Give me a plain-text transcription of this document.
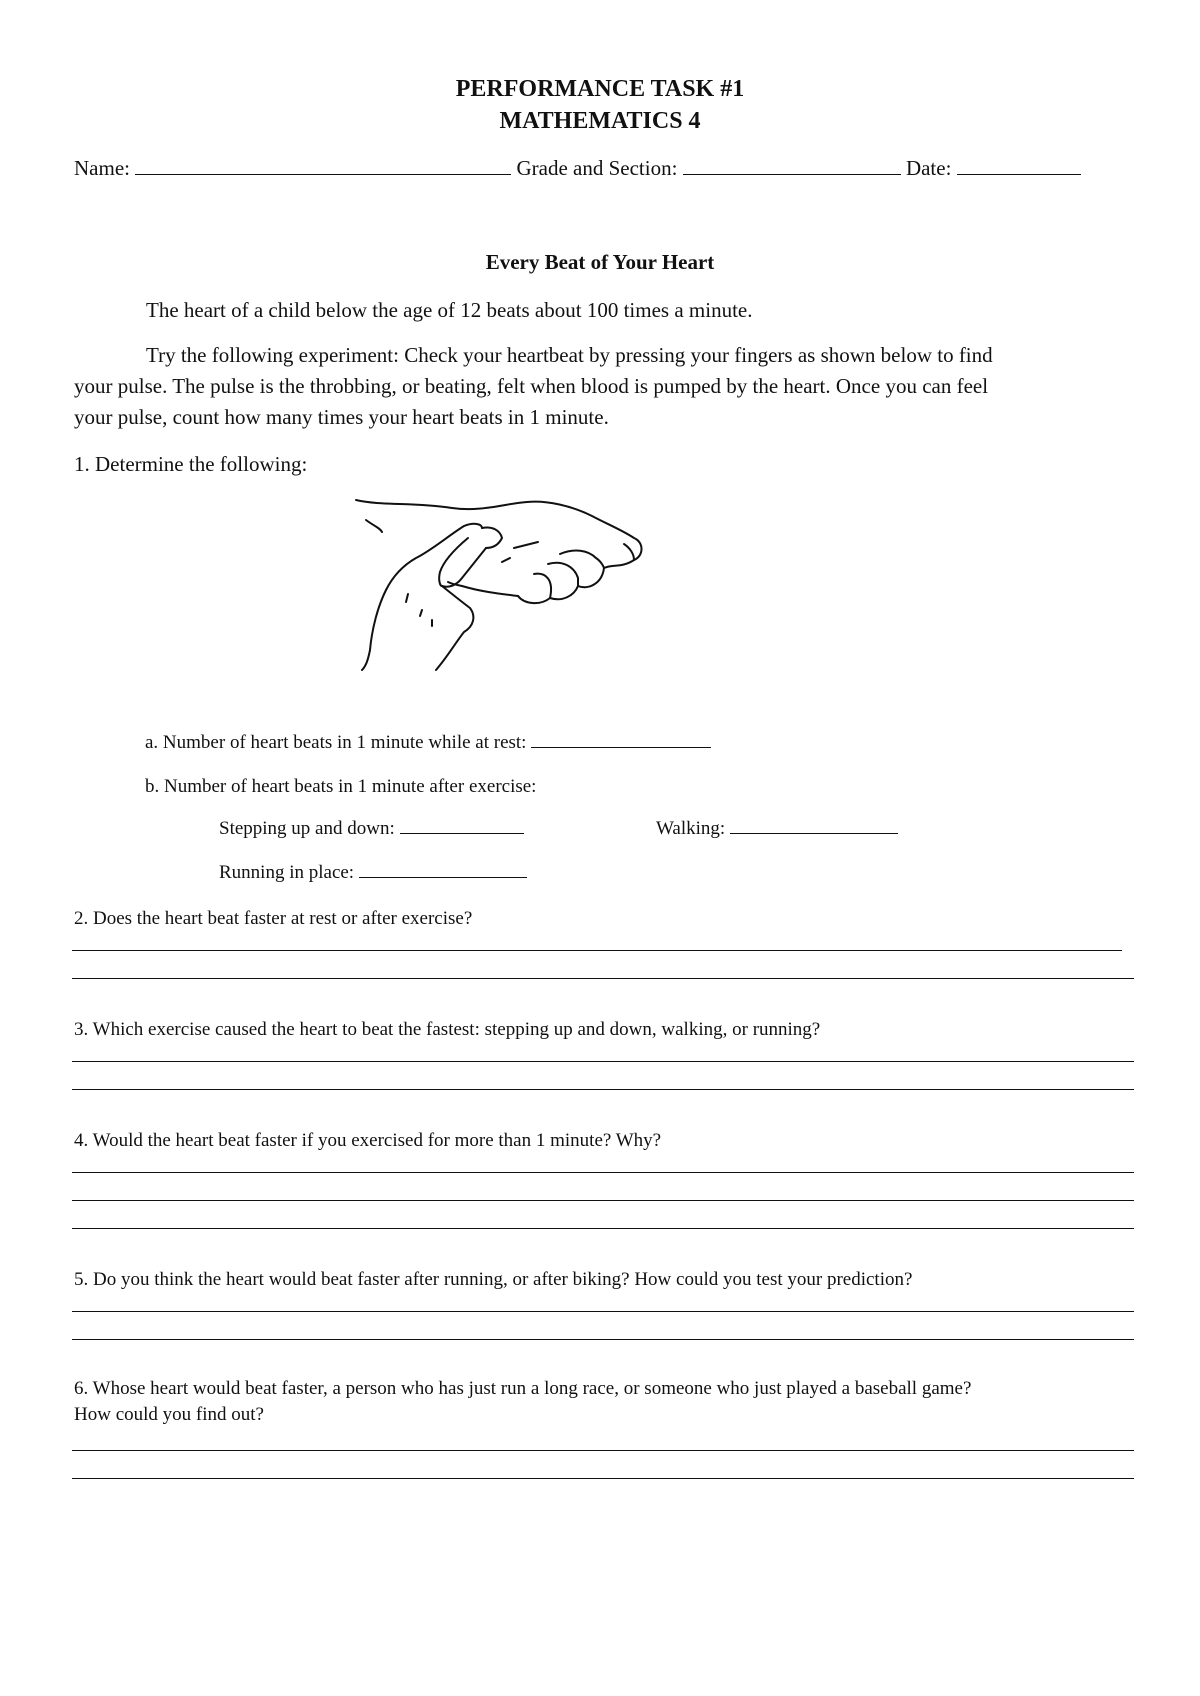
PERFORMANCE TASK #1
MATHEMATICS 4
Name:	Grade and Section:	Date:
Every Beat of Your Heart
The heart of a child below the age of 12 beats about 100 times a minute.
Try the following experiment: Check your heartbeat by pressing your fingers as shown below to find
your pulse. The pulse is the throbbing, or beating, felt when blood is pumped by the heart. Once you can feel
your pulse, count how many times your heart beats in 1 minute.
1. Determine the following:
a. Number of heart beats in 1 minute while at rest:
b. Number of heart beats in 1 minute after exercise:
Stepping up and down:	Walking:
Running in place:
2. Does the heart beat faster at rest or after exercise?
3. Which exercise caused the heart to beat the fastest: stepping up and down, walking, or running?
4. Would the heart beat faster if you exercised for more than 1 minute? Why?
5. Do you think the heart would beat faster after running, or after biking? How could you test your prediction?
6. Whose heart would beat faster, a person who has just run a long race, or someone who just played a baseball game?
How could you find out?
